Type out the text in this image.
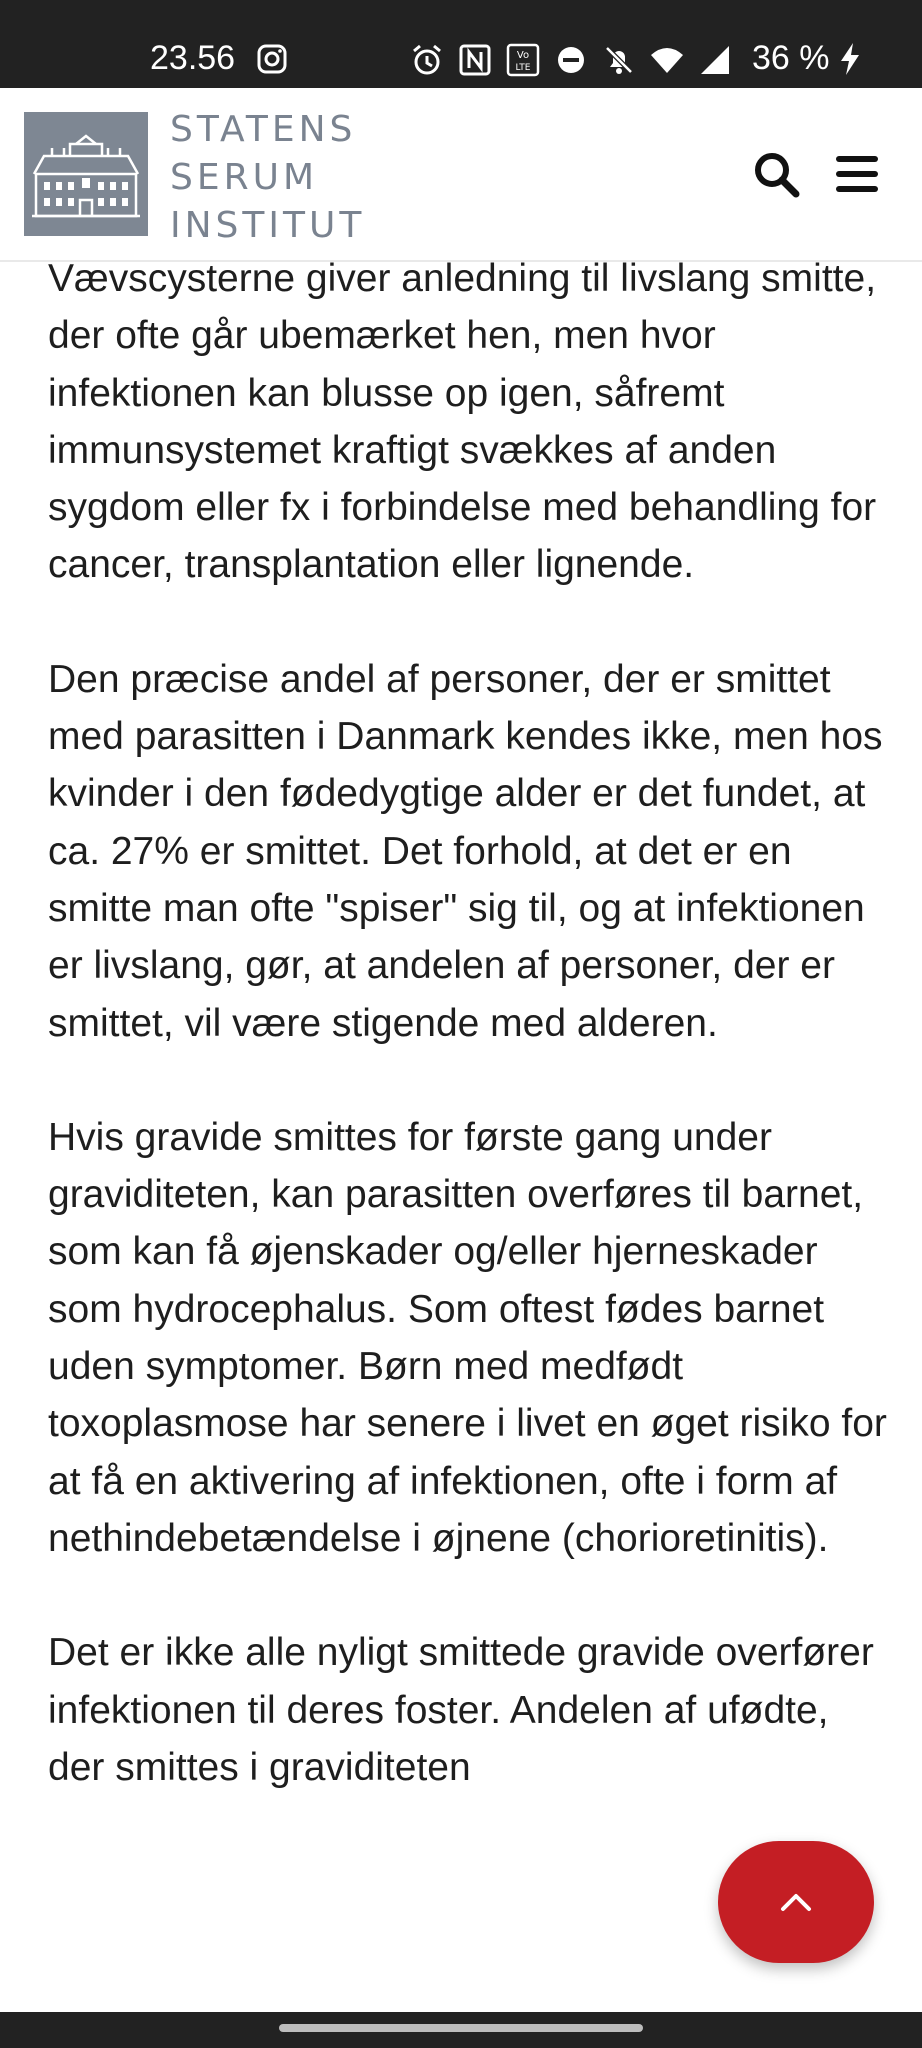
23.56	Vo
LTE	36 %
STATENS
SERUM
INSTITUT

Vævscysterne giver anledning til livslang smitte, der ofte går ubemærket hen, men hvor infektionen kan blusse op igen, såfremt immunsystemet kraftigt svækkes af anden sygdom eller fx i forbindelse med behandling for cancer, transplantation eller lignende.

Den præcise andel af personer, der er smittet med parasitten i Danmark kendes ikke, men hos kvinder i den fødedygtige alder er det fundet, at ca. 27% er smittet. Det forhold, at det er en smitte man ofte "spiser" sig til, og at infektionen er livslang, gør, at andelen af personer, der er smittet, vil være stigende med alderen.

Hvis gravide smittes for første gang under graviditeten, kan parasitten overføres til barnet, som kan få øjenskader og/eller hjerneskader som hydrocephalus. Som oftest fødes barnet uden symptomer. Børn med medfødt toxoplasmose har senere i livet en øget risiko for at få en aktivering af infektionen, ofte i form af nethindebetændelse i øjnene (chorioretinitis).

Det er ikke alle nyligt smittede gravide overfører infektionen til deres foster. Andelen af ufødte, der smittes i graviditeten
